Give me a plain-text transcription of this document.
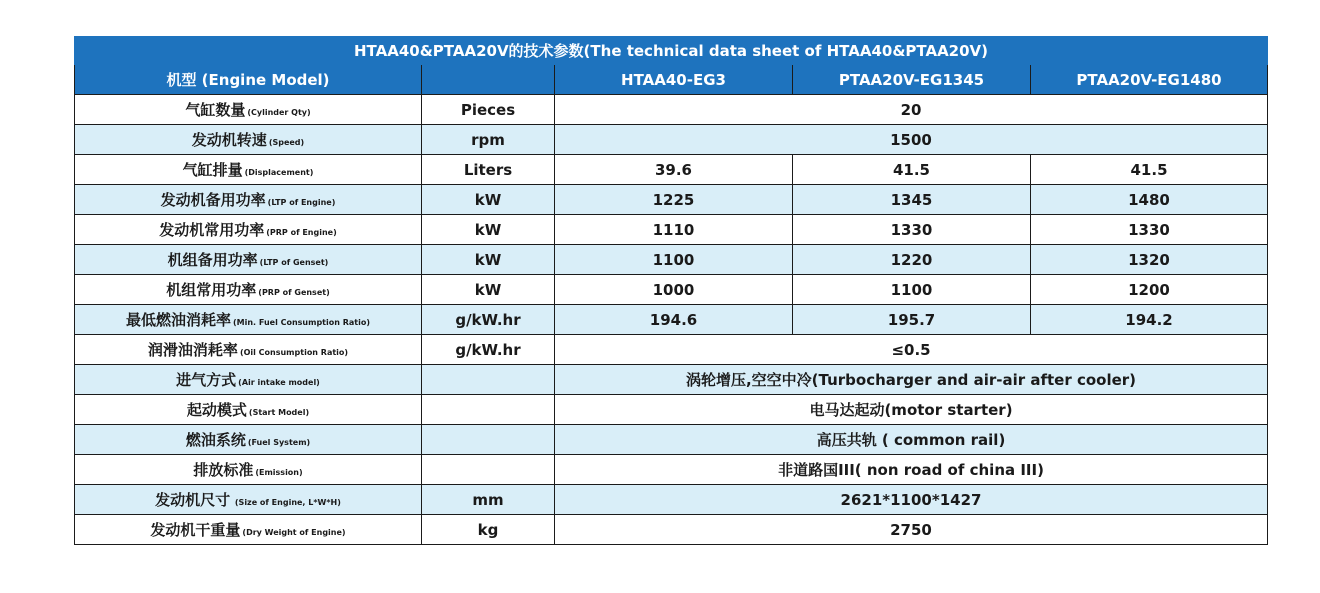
HTAA40&PTAA20V的技术参数(The technical data sheet of HTAA40&PTAA20V)				
机型 (Engine Model)		HTAA40-EG3	PTAA20V-EG1345	PTAA20V-EG1480
气缸数量 (Cylinder Qty)	Pieces	20		
发动机转速 (Speed)	rpm	1500		
气缸排量 (Displacement)	Liters	39.6	41.5	41.5
发动机备用功率 (LTP of Engine)	kW	1225	1345	1480
发动机常用功率 (PRP of Engine)	kW	1110	1330	1330
机组备用功率 (LTP of Genset)	kW	1100	1220	1320
机组常用功率 (PRP of Genset)	kW	1000	1100	1200
最低燃油消耗率 (Min. Fuel Consumption Ratio)	g/kW.hr	194.6	195.7	194.2
润滑油消耗率 (Oil Consumption Ratio)	g/kW.hr	≤0.5		
进气方式 (Air intake model)		涡轮增压,空空中冷(Turbocharger and air-air after cooler)		
起动模式 (Start Model)		电马达起动(motor starter)		
燃油系统 (Fuel System)		高压共轨 ( common rail)		
排放标准 (Emission)		非道路国III( non road of china III)		
发动机尺寸 (Size of Engine, L*W*H)	mm	2621*1100*1427		
发动机干重量 (Dry Weight of Engine)	kg	2750		
